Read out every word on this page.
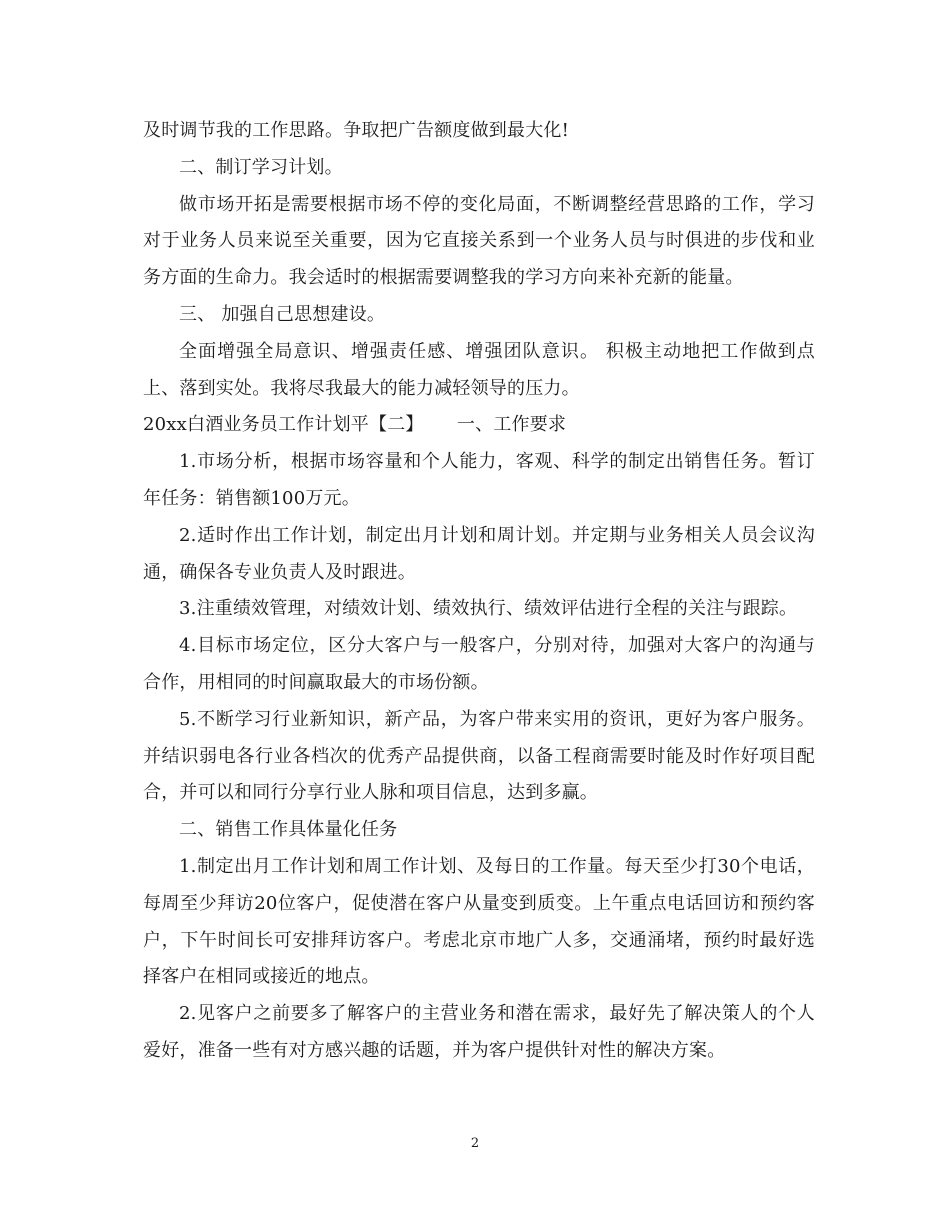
及时调节我的工作思路。争取把广告额度做到最大化!

二、制订学习计划。

做市场开拓是需要根据市场不停的变化局面，不断调整经营思路的工作，学习对于业务人员来说至关重要，因为它直接关系到一个业务人员与时俱进的步伐和业务方面的生命力。我会适时的根据需要调整我的学习方向来补充新的能量。

三、 加强自己思想建设。

全面增强全局意识、增强责任感、增强团队意识。 积极主动地把工作做到点上、落到实处。我将尽我最大的能力减轻领导的压力。

20xx白酒业务员工作计划平【二】　　 一、工作要求

1.市场分析，根据市场容量和个人能力，客观、科学的制定出销售任务。暂订年任务：销售额100万元。

2.适时作出工作计划，制定出月计划和周计划。并定期与业务相关人员会议沟通，确保各专业负责人及时跟进。

3.注重绩效管理，对绩效计划、绩效执行、绩效评估进行全程的关注与跟踪。

4.目标市场定位，区分大客户与一般客户，分别对待，加强对大客户的沟通与合作，用相同的时间赢取最大的市场份额。

5.不断学习行业新知识，新产品，为客户带来实用的资讯，更好为客户服务。并结识弱电各行业各档次的优秀产品提供商，以备工程商需要时能及时作好项目配合，并可以和同行分享行业人脉和项目信息，达到多赢。

二、销售工作具体量化任务

1.制定出月工作计划和周工作计划、及每日的工作量。每天至少打30个电话，每周至少拜访20位客户，促使潜在客户从量变到质变。上午重点电话回访和预约客户，下午时间长可安排拜访客户。考虑北京市地广人多，交通涌堵，预约时最好选择客户在相同或接近的地点。

2.见客户之前要多了解客户的主营业务和潜在需求，最好先了解决策人的个人爱好，准备一些有对方感兴趣的话题，并为客户提供针对性的解决方案。

2
